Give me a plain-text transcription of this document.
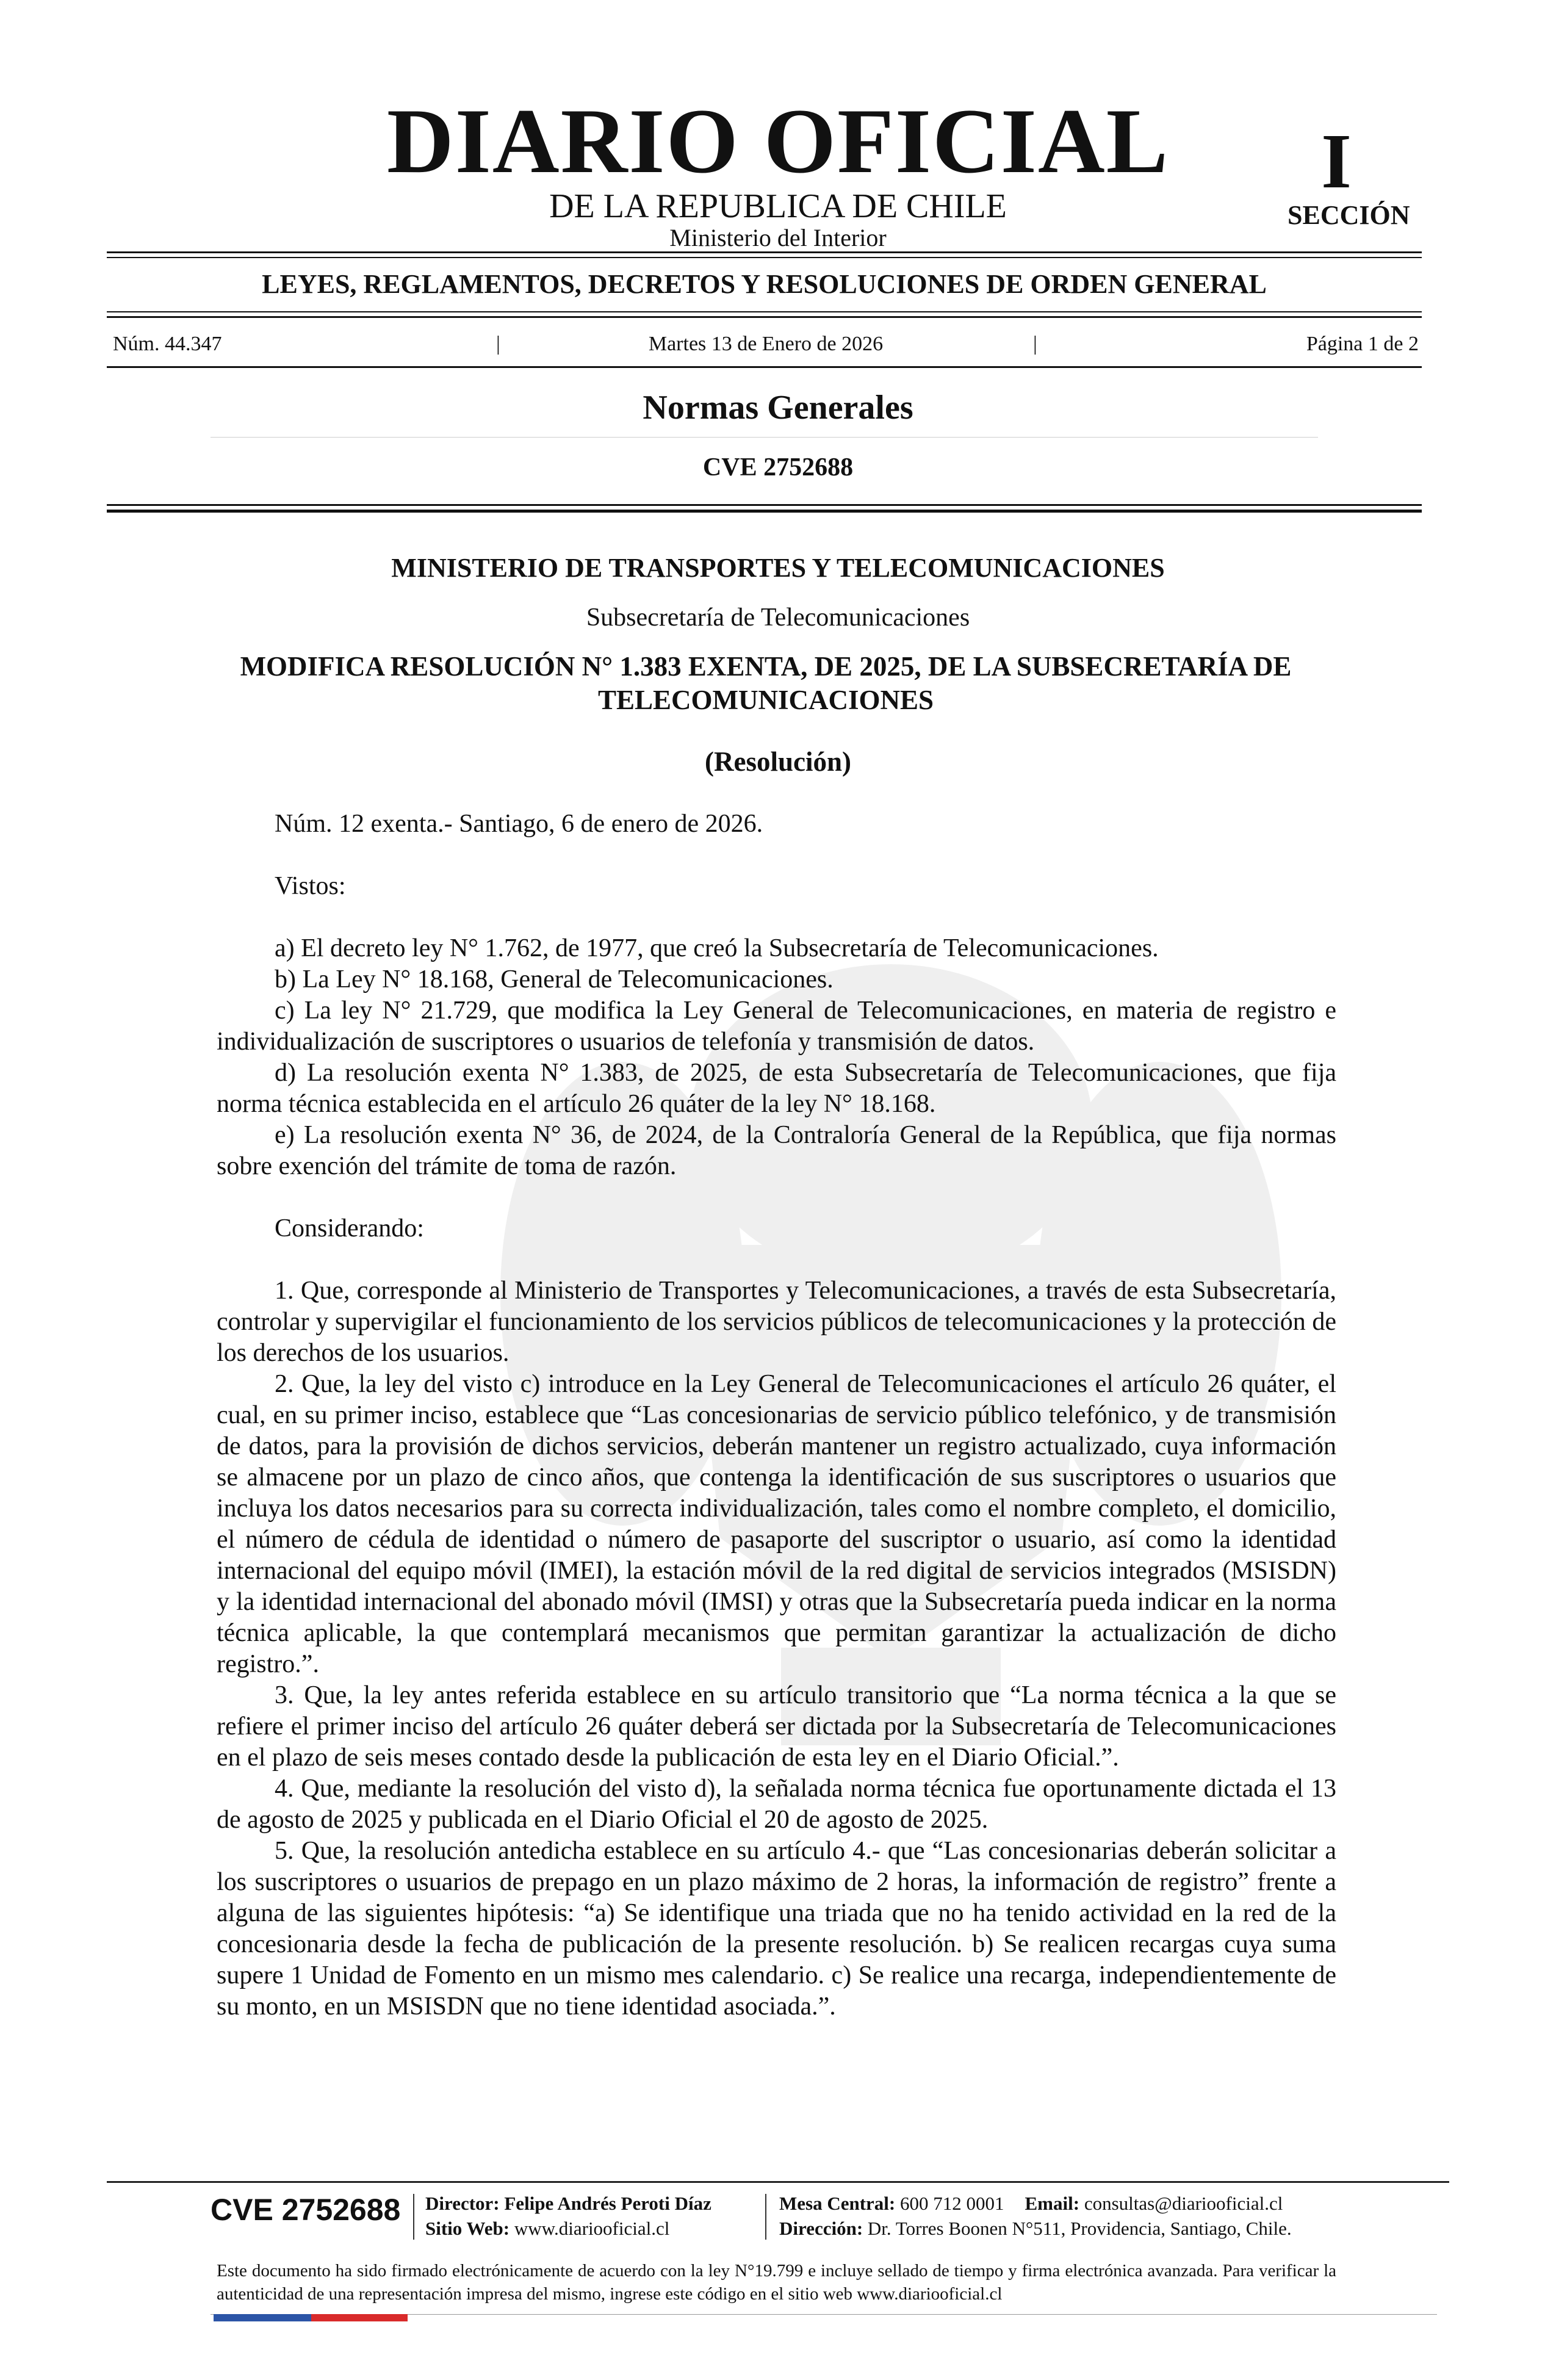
DIARIO OFICIAL
DE LA REPUBLICA DE CHILE
Ministerio del Interior
I
SECCIÓN
LEYES, REGLAMENTOS, DECRETOS Y RESOLUCIONES DE ORDEN GENERAL
Núm. 44.347	|	Martes 13 de Enero de 2026	|	Página 1 de 2
Normas Generales
CVE 2752688
MINISTERIO DE TRANSPORTES Y TELECOMUNICACIONES
Subsecretaría de Telecomunicaciones
MODIFICA RESOLUCIÓN N° 1.383 EXENTA, DE 2025, DE LA SUBSECRETARÍA DE TELECOMUNICACIONES
(Resolución)

Núm. 12 exenta.- Santiago, 6 de enero de 2026.

Vistos:

a) El decreto ley N° 1.762, de 1977, que creó la Subsecretaría de Telecomunicaciones.

b) La Ley N° 18.168, General de Telecomunicaciones.

c) La ley N° 21.729, que modifica la Ley General de Telecomunicaciones, en materia de registro e individualización de suscriptores o usuarios de telefonía y transmisión de datos.

d) La resolución exenta N° 1.383, de 2025, de esta Subsecretaría de Telecomunicaciones, que fija norma técnica establecida en el artículo 26 quáter de la ley N° 18.168.

e) La resolución exenta N° 36, de 2024, de la Contraloría General de la República, que fija normas sobre exención del trámite de toma de razón.

Considerando:

1. Que, corresponde al Ministerio de Transportes y Telecomunicaciones, a través de esta Subsecretaría, controlar y supervigilar el funcionamiento de los servicios públicos de telecomunicaciones y la protección de los derechos de los usuarios.

2. Que, la ley del visto c) introduce en la Ley General de Telecomunicaciones el artículo 26 quáter, el cual, en su primer inciso, establece que “Las concesionarias de servicio público telefónico, y de transmisión de datos, para la provisión de dichos servicios, deberán mantener un registro actualizado, cuya información se almacene por un plazo de cinco años, que contenga la identificación de sus suscriptores o usuarios que incluya los datos necesarios para su correcta individualización, tales como el nombre completo, el domicilio, el número de cédula de identidad o número de pasaporte del suscriptor o usuario, así como la identidad internacional del equipo móvil (IMEI), la estación móvil de la red digital de servicios integrados (MSISDN) y la identidad internacional del abonado móvil (IMSI) y otras que la Subsecretaría pueda indicar en la norma técnica aplicable, la que contemplará mecanismos que permitan garantizar la actualización de dicho registro.”.

3. Que, la ley antes referida establece en su artículo transitorio que “La norma técnica a la que se refiere el primer inciso del artículo 26 quáter deberá ser dictada por la Subsecretaría de Telecomunicaciones en el plazo de seis meses contado desde la publicación de esta ley en el Diario Oficial.”.

4. Que, mediante la resolución del visto d), la señalada norma técnica fue oportunamente dictada el 13 de agosto de 2025 y publicada en el Diario Oficial el 20 de agosto de 2025.

5. Que, la resolución antedicha establece en su artículo 4.- que “Las concesionarias deberán solicitar a los suscriptores o usuarios de prepago en un plazo máximo de 2 horas, la información de registro” frente a alguna de las siguientes hipótesis: “a) Se identifique una triada que no ha tenido actividad en la red de la concesionaria desde la fecha de publicación de la presente resolución. b) Se realicen recargas cuya suma supere 1 Unidad de Fomento en un mismo mes calendario. c) Se realice una recarga, independientemente de su monto, en un MSISDN que no tiene identidad asociada.”.

CVE 2752688 Director: Felipe Andrés Peroti Díaz
Sitio Web: www.diariooficial.cl
Mesa Central: 600 712 0001 Email: consultas@diariooficial.cl
Dirección: Dr. Torres Boonen N°511, Providencia, Santiago, Chile.
Este documento ha sido firmado electrónicamente de acuerdo con la ley N°19.799 e incluye sellado de tiempo y firma electrónica avanzada. Para verificar la autenticidad de una representación impresa del mismo, ingrese este código en el sitio web www.diariooficial.cl
